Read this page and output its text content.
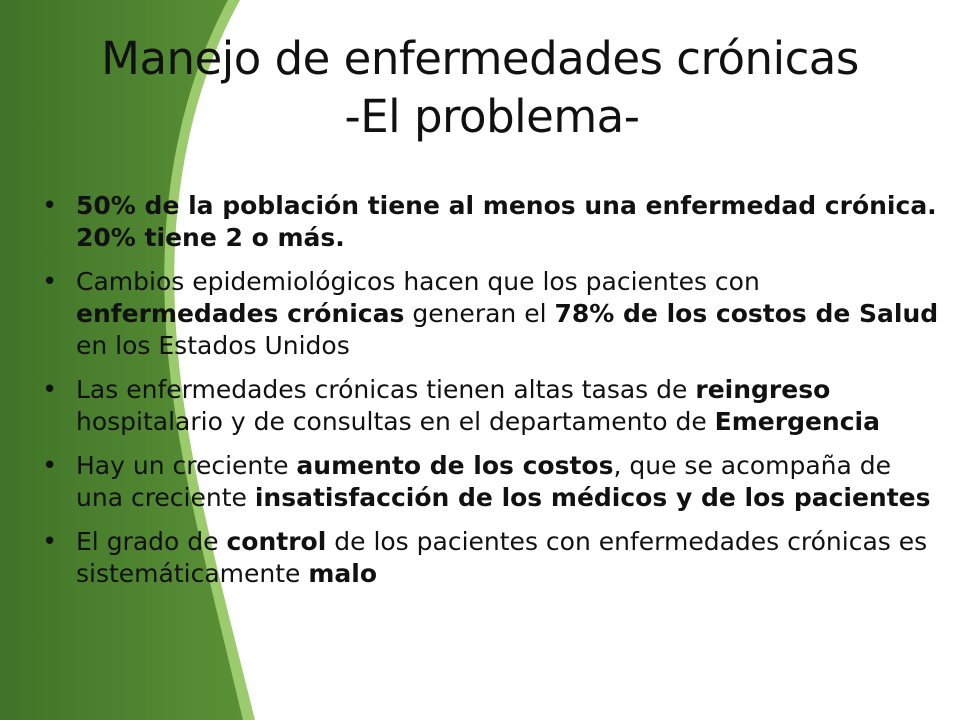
Manejo de enfermedades crónicas
-El problema-
• 50% de la población tiene al menos una enfermedad crónica. 20% tiene 2 o más.
• Cambios epidemiológicos hacen que los pacientes con enfermedades crónicas generan el 78% de los costos de Salud en los Estados Unidos
• Las enfermedades crónicas tienen altas tasas de reingreso hospitalario y de consultas en el departamento de Emergencia
• Hay un creciente aumento de los costos, que se acompaña de una creciente insatisfacción de los médicos y de los pacientes
• El grado de control de los pacientes con enfermedades crónicas es sistemáticamente malo
